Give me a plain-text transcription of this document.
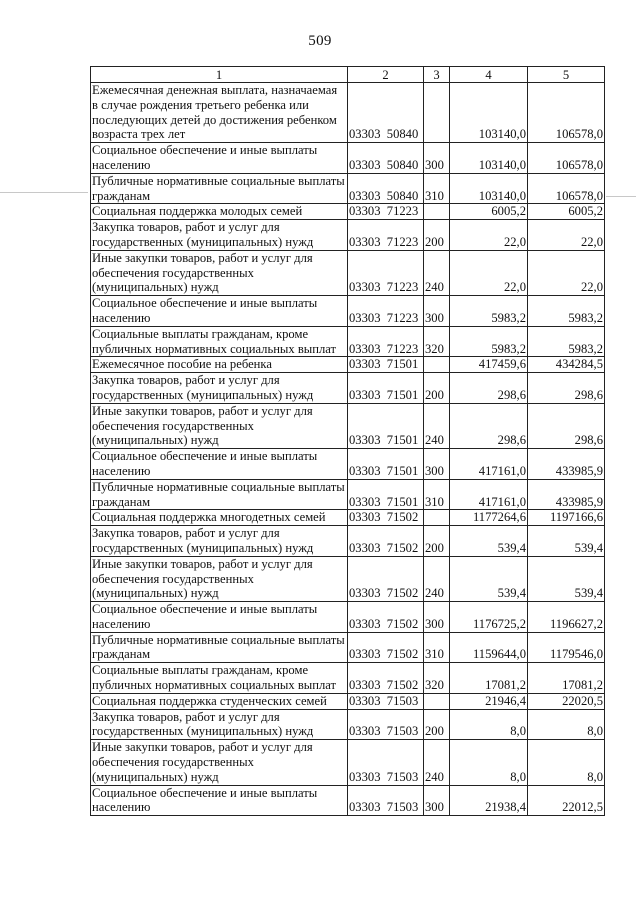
509
1	2	3	4	5
Ежемесячная денежная выплата, назначаемая в случае рождения третьего ребенка или последующих детей до достижения ребенком возраста трех лет	03303  50840		103140,0	106578,0
Социальное обеспечение и иные выплаты населению	03303  50840	300	103140,0	106578,0
Публичные нормативные социальные выплаты гражданам	03303  50840	310	103140,0	106578,0
Социальная поддержка молодых семей	03303  71223		6005,2	6005,2
Закупка товаров, работ и услуг для государственных (муниципальных) нужд	03303  71223	200	22,0	22,0
Иные закупки товаров, работ и услуг для обеспечения государственных (муниципальных) нужд	03303  71223	240	22,0	22,0
Социальное обеспечение и иные выплаты населению	03303  71223	300	5983,2	5983,2
Социальные выплаты гражданам, кроме публичных нормативных социальных выплат	03303  71223	320	5983,2	5983,2
Ежемесячное пособие на ребенка	03303  71501		417459,6	434284,5
Закупка товаров, работ и услуг для государственных (муниципальных) нужд	03303  71501	200	298,6	298,6
Иные закупки товаров, работ и услуг для обеспечения государственных (муниципальных) нужд	03303  71501	240	298,6	298,6
Социальное обеспечение и иные выплаты населению	03303  71501	300	417161,0	433985,9
Публичные нормативные социальные выплаты гражданам	03303  71501	310	417161,0	433985,9
Социальная поддержка многодетных семей	03303  71502		1177264,6	1197166,6
Закупка товаров, работ и услуг для государственных (муниципальных) нужд	03303  71502	200	539,4	539,4
Иные закупки товаров, работ и услуг для обеспечения государственных (муниципальных) нужд	03303  71502	240	539,4	539,4
Социальное обеспечение и иные выплаты населению	03303  71502	300	1176725,2	1196627,2
Публичные нормативные социальные выплаты гражданам	03303  71502	310	1159644,0	1179546,0
Социальные выплаты гражданам, кроме публичных нормативных социальных выплат	03303  71502	320	17081,2	17081,2
Социальная поддержка студенческих семей	03303  71503		21946,4	22020,5
Закупка товаров, работ и услуг для государственных (муниципальных) нужд	03303  71503	200	8,0	8,0
Иные закупки товаров, работ и услуг для обеспечения государственных (муниципальных) нужд	03303  71503	240	8,0	8,0
Социальное обеспечение и иные выплаты населению	03303  71503	300	21938,4	22012,5
